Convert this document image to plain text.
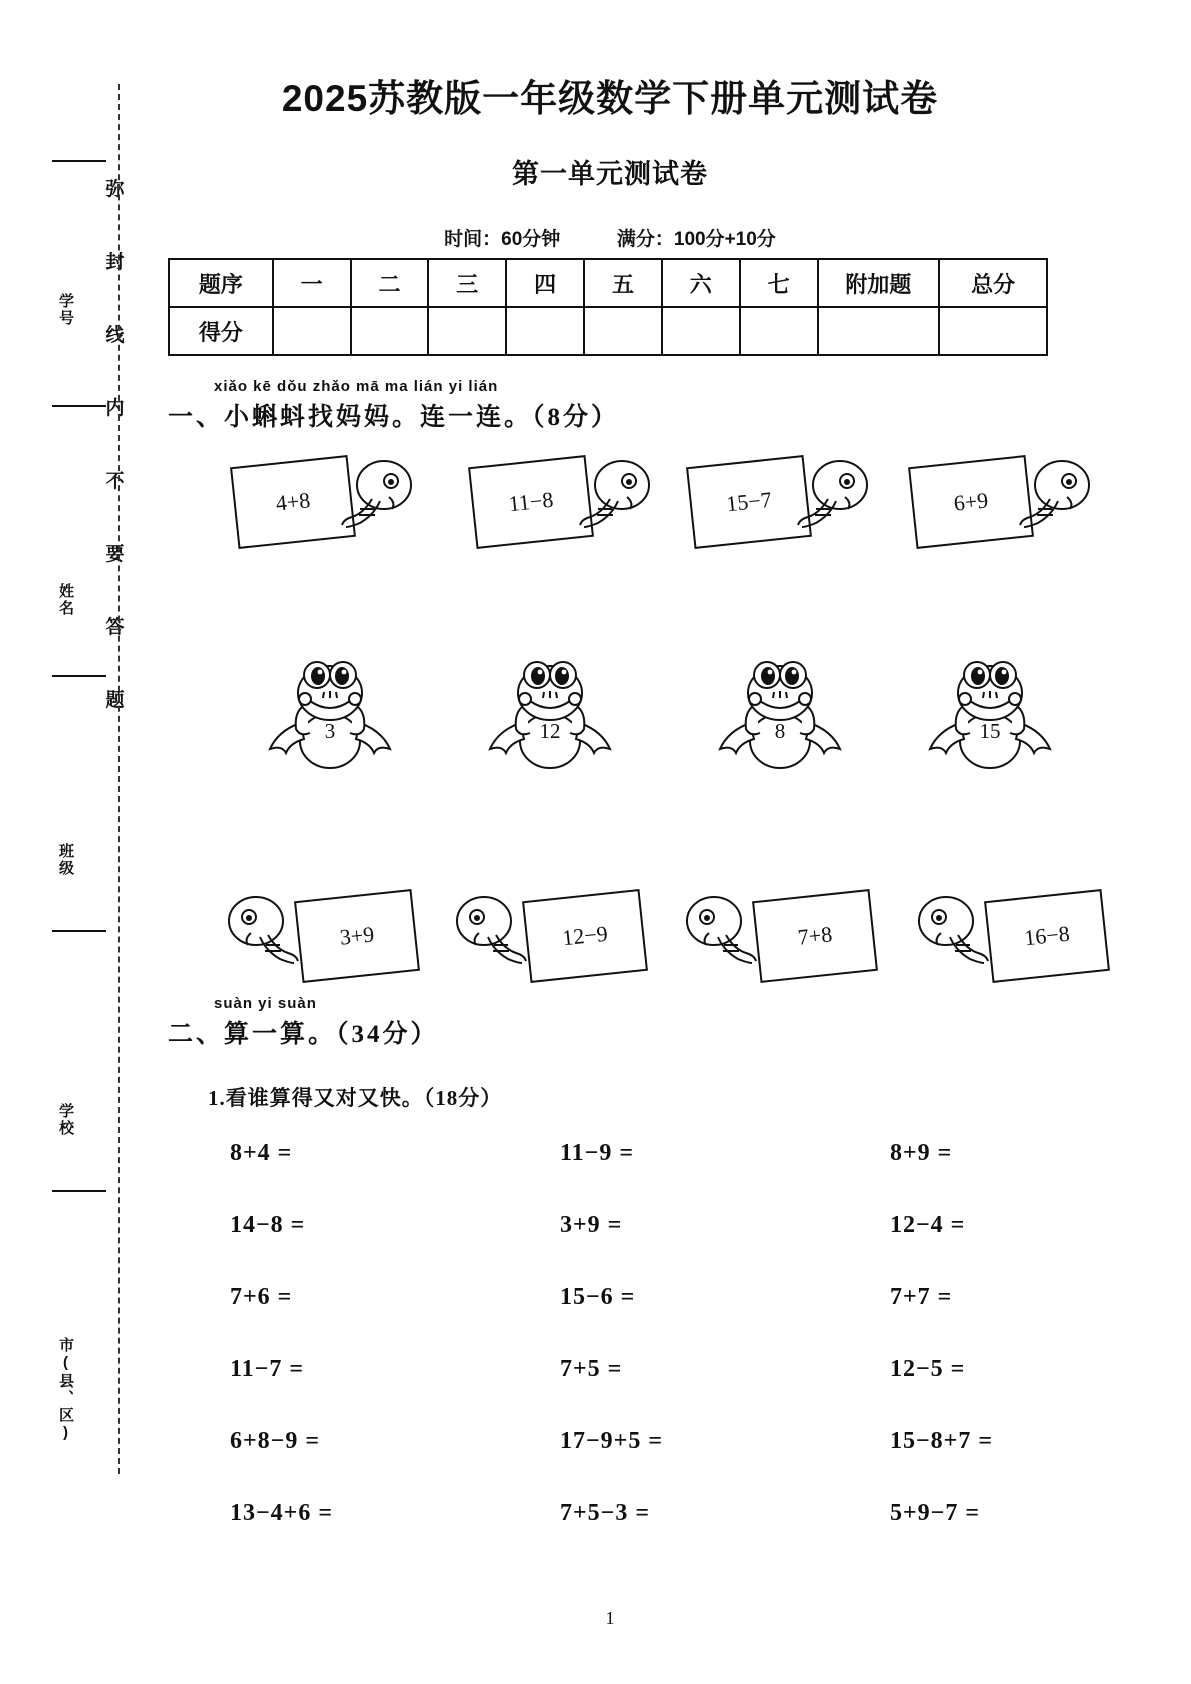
学号
姓名
班级
学校
市(县、区)
弥
封
线
内
不
要
答
题
2025苏教版一年级数学下册单元测试卷
第一单元测试卷
时间：60分钟	满分：100分+10分
题序	一	二	三	四	五	六	七	附加题	总分
得分									
xiǎo kē dǒu zhǎo mā ma lián yi lián
一、小蝌蚪找妈妈。连一连。（8分）
4+8	11−8	15−7	6+9
3	12	8	15
3+9	12−9	7+8	16−8
suàn yi suàn
二、算一算。（34分）
1.看谁算得又对又快。（18分）
8+4 =	11−9 =	8+9 =
14−8 =	3+9 =	12−4 =
7+6 =	15−6 =	7+7 =
11−7 =	7+5 =	12−5 =
6+8−9 =	17−9+5 =	15−8+7 =
13−4+6 =	7+5−3 =	5+9−7 =
1
